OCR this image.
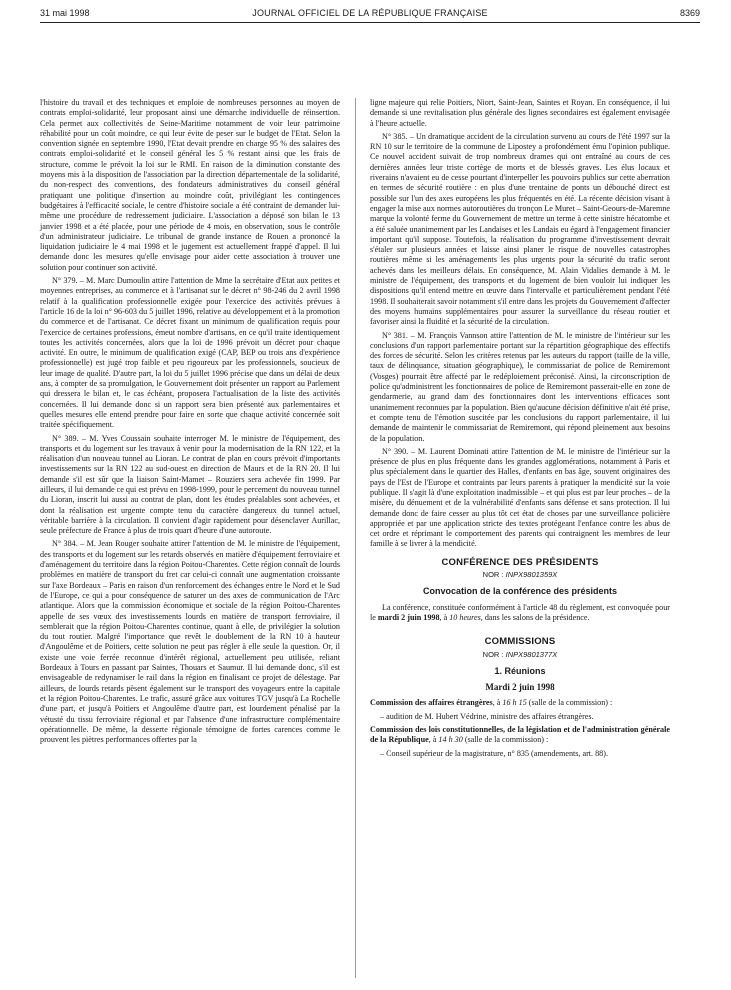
31 mai 1998	JOURNAL OFFICIEL DE LA RÉPUBLIQUE FRANÇAISE	8369

l'histoire du travail et des techniques et emploie de nombreuses personnes au moyen de contrats emploi-solidarité, leur proposant ainsi une démarche individuelle de réinsertion. Cela permet aux collectivités de Seine-Maritime notamment de voir leur patrimoine réhabilité pour un coût moindre, ce qui leur évite de peser sur le budget de l'Etat. Selon la convention signée en septembre 1990, l'Etat devait prendre en charge 95 % des salaires des contrats emploi-solidarité et le conseil général les 5 % restant ainsi que les frais de structure, comme le prévoit la loi sur le RMI. En raison de la diminution constante des moyens mis à la disposition de l'association par la direction départementale de la solidarité, du non-respect des conventions, des fondateurs administratives du conseil général pratiquant une politique d'insertion au moindre coût, privilégiant les contingences budgétaires à l'efficacité sociale, le centre d'histoire sociale a été contraint de demander lui-même une procédure de redressement judiciaire. L'association a déposé son bilan le 13 janvier 1998 et a été placée, pour une période de 4 mois, en observation, sous le contrôle d'un administrateur judiciaire. Le tribunal de grande instance de Rouen a prononcé la liquidation judiciaire le 4 mai 1998 et le jugement est actuellement frappé d'appel. Il lui demande donc les mesures qu'elle envisage pour aider cette association à trouver une solution pour continuer son activité.

N° 379. – M. Marc Dumoulin attire l'attention de Mme la secrétaire d'Etat aux petites et moyennes entreprises, au commerce et à l'artisanat sur le décret n° 98-246 du 2 avril 1998 relatif à la qualification professionnelle exigée pour l'exercice des activités prévues à l'article 16 de la loi n° 96-603 du 5 juillet 1996, relative au développement et à la promotion du commerce et de l'artisanat. Ce décret fixant un minimum de qualification requis pour l'exercice de certaines professions, émeut nombre d'artisans, en ce qu'il traite identiquement toutes les activités concernées, alors que la loi de 1996 prévoit un décret pour chaque activité. En outre, le minimum de qualification exigé (CAP, BEP ou trois ans d'expérience professionnelle) est jugé trop faible et peu rigoureux par les professionnels, soucieux de leur image de qualité. D'autre part, la loi du 5 juillet 1996 précise que dans un délai de deux ans, à compter de sa promulgation, le Gouvernement doit présenter un rapport au Parlement qui dressera le bilan et, le cas échéant, proposera l'actualisation de la liste des activités concernées. Il lui demande donc si un rapport sera bien présenté aux parlementaires et quelles mesures elle entend prendre pour faire en sorte que chaque activité concernée soit traitée spécifiquement.

N° 389. – M. Yves Coussain souhaite interroger M. le ministre de l'équipement, des transports et du logement sur les travaux à venir pour la modernisation de la RN 122, et la réalisation d'un nouveau tunnel au Lioran. Le contrat de plan en cours prévoit d'importants investissements sur la RN 122 au sud-ouest en direction de Maurs et de la RN 20. Il lui demande s'il est sûr que la liaison Saint-Mamet – Rouziers sera achevée fin 1999. Par ailleurs, il lui demande ce qui est prévu en 1998-1999, pour le percement du nouveau tunnel du Lioran, inscrit lui aussi au contrat de plan, dont les études préalables sont achevées, et dont la réalisation est urgente compte tenu du caractère dangereux du tunnel actuel, véritable barrière à la circulation. Il convient d'agir rapidement pour désenclaver Aurillac, seule préfecture de France à plus de trois quart d'heure d'une autoroute.

N° 384. – M. Jean Rouger souhaite attirer l'attention de M. le ministre de l'équipement, des transports et du logement sur les retards observés en matière d'équipement ferroviaire et d'aménagement du territoire dans la région Poitou-Charentes. Cette région connaît de lourds problèmes en matière de transport du fret car celui-ci connaît une augmentation croissante sur l'axe Bordeaux – Paris en raison d'un renforcement des échanges entre le Nord et le Sud de l'Europe, ce qui a pour conséquence de saturer un des axes de communication de l'Arc atlantique. Alors que la commission économique et sociale de la région Poitou-Charentes appelle de ses vœux des investissements lourds en matière de transport ferroviaire, il semblerait que la région Poitou-Charentes continue, quant à elle, de privilégier la solution du tout routier. Malgré l'importance que revêt le doublement de la RN 10 à hauteur d'Angoulême et de Poitiers, cette solution ne peut pas régler à elle seule la question. Or, il existe une voie ferrée reconnue d'intérêt régional, actuellement peu utilisée, reliant Bordeaux à Tours en passant par Saintes, Thouars et Saumur. Il lui demande donc, s'il est envisageable de redynamiser le rail dans la région en finalisant ce projet de délestage. Par ailleurs, de lourds retards pèsent également sur le transport des voyageurs entre la capitale et la région Poitou-Charentes. Le trafic, assuré grâce aux voitures TGV jusqu'à La Rochelle d'une part, et jusqu'à Poitiers et Angoulême d'autre part, est lourdement pénalisé par la vétusté du tissu ferroviaire régional et par l'absence d'une infrastructure complémentaire opérationnelle. De même, la desserte régionale témoigne de fortes carences comme le prouvent les piètres performances offertes par la

ligne majeure qui relie Poitiers, Niort, Saint-Jean, Saintes et Royan. En conséquence, il lui demande si une revitalisation plus générale des lignes secondaires est également envisagée à l'heure actuelle.

N° 385. – Un dramatique accident de la circulation survenu au cours de l'été 1997 sur la RN 10 sur le territoire de la commune de Lipostey a profondément ému l'opinion publique. Ce nouvel accident suivait de trop nombreux drames qui ont entraîné au cours de ces dernières années leur triste cortège de morts et de blessés graves. Les élus locaux et riverains n'avaient eu de cesse pourtant d'interpeller les pouvoirs publics sur cette aberration en termes de sécurité routière : en plus d'une trentaine de ponts un débouché direct est possible sur l'un des axes européens les plus fréquentés en été. La récente décision visant à engager la mise aux normes autoroutières du tronçon Le Muret – Saint-Geours-de-Maremne marque la volonté ferme du Gouvernement de mettre un terme à cette sinistre hécatombe et a été saluée unanimement par les Landaises et les Landais eu égard à l'engagement financier important qu'il suppose. Toutefois, la réalisation du programme d'investissement devrait s'étaler sur plusieurs années et laisse ainsi planer le risque de nouvelles catastrophes routières même si les aménagements les plus urgents pour la sécurité du trafic seront achevés dans les meilleurs délais. En conséquence, M. Alain Vidalies demande à M. le ministre de l'équipement, des transports et du logement de bien vouloir lui indiquer les dispositions qu'il entend mettre en œuvre dans l'intervalle et particulièrement pendant l'été 1998. Il souhaiterait savoir notamment s'il entre dans les projets du Gouvernement d'affecter des moyens humains supplémentaires pour assurer la surveillance du réseau routier et favoriser ainsi la fluidité et la sécurité de la circulation.

N° 381. – M. François Vannson attire l'attention de M. le ministre de l'intérieur sur les conclusions d'un rapport parlementaire portant sur la répartition géographique des effectifs des forces de sécurité. Selon les critères retenus par les auteurs du rapport (taille de la ville, taux de délinquance, situation géographique), le commissariat de police de Remiremont (Vosges) pourrait être affecté par le redéploiement préconisé. Ainsi, la circonscription de police qu'administrent les fonctionnaires de police de Remiremont passerait-elle en zone de gendarmerie, au grand dam des fonctionnaires dont les interventions efficaces sont unanimement reconnues par la population. Bien qu'aucune décision définitive n'ait été prise, et compte tenu de l'émotion suscitée par les conclusions du rapport parlementaire, il lui demande de maintenir le commissariat de Remiremont, qui répond pleinement aux besoins de la population.

N° 390. – M. Laurent Dominati attire l'attention de M. le ministre de l'intérieur sur la présence de plus en plus fréquente dans les grandes agglomérations, notamment à Paris et plus spécialement dans le quartier des Halles, d'enfants en bas âge, souvent originaires des pays de l'Est de l'Europe et contraints par leurs parents à pratiquer la mendicité sur la voie publique. Il s'agit là d'une exploitation inadmissible – et qui plus est par leur proches – de la misère, du dénuement et de la vulnérabilité d'enfants sans défense et sans protection. Il lui demande donc de faire cesser au plus tôt cet état de choses par une surveillance policière appropriée et par une application stricte des textes protégeant l'enfance contre les abus de cet ordre et réprimant le comportement des parents qui contraignent les membres de leur famille à se livrer à la mendicité.

CONFÉRENCE DES PRÉSIDENTS
NOR : INPX9801359X
Convocation de la conférence des présidents

La conférence, constituée conformément à l'article 48 du règlement, est convoquée pour le mardi 2 juin 1998, à 10 heures, dans les salons de la présidence.

COMMISSIONS
NOR : INPX9801377X
1. Réunions
Mardi 2 juin 1998

Commission des affaires étrangères, à 16 h 15 (salle de la commission) :

– audition de M. Hubert Védrine, ministre des affaires étrangères.

Commission des lois constitutionnelles, de la législation et de l'administration générale de la République, à 14 h 30 (salle de la commission) :

– Conseil supérieur de la magistrature, n° 835 (amendements, art. 88).
